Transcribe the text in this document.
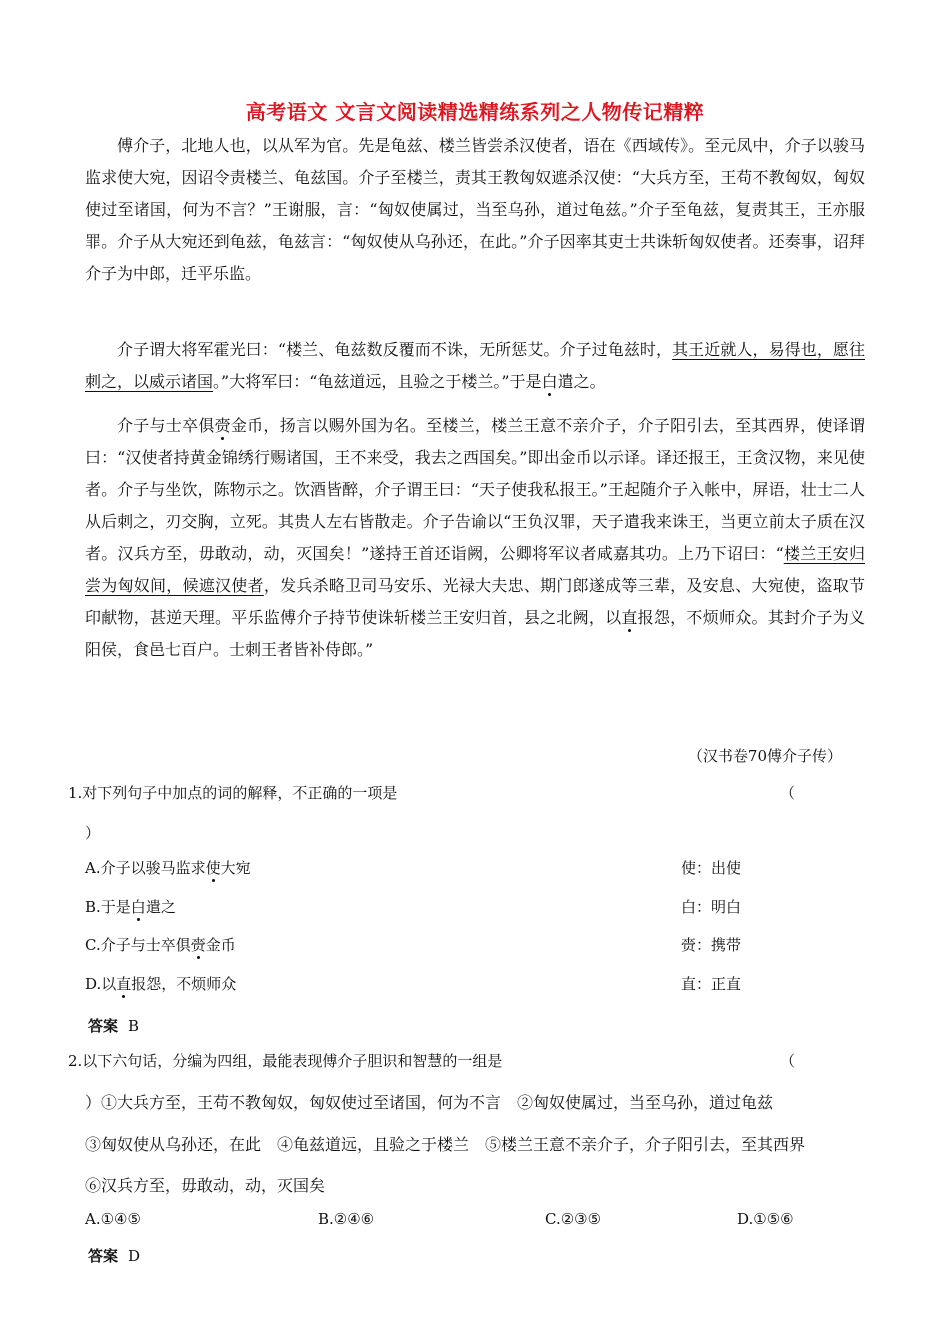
高考语文 文言文阅读精选精练系列之人物传记精粹

傅介子，北地人也，以从军为官。先是龟兹、楼兰皆尝杀汉使者，语在《西域传》。至元凤中，介子以骏马监求使大宛，因诏令责楼兰、龟兹国。介子至楼兰，责其王教匈奴遮杀汉使：“大兵方至，王苟不教匈奴，匈奴使过至诸国，何为不言？”王谢服，言：“匈奴使属过，当至乌孙，道过龟兹。”介子至龟兹，复责其王，王亦服罪。介子从大宛还到龟兹，龟兹言：“匈奴使从乌孙还，在此。”介子因率其吏士共诛斩匈奴使者。还奏事，诏拜介子为中郎，迁平乐监。

介子谓大将军霍光曰：“楼兰、龟兹数反覆而不诛，无所惩艾。介子过龟兹时，其王近就人，易得也，愿往刺之，以威示诸国。”大将军曰：“龟兹道远，且验之于楼兰。”于是白遣之。

介子与士卒俱赍金币，扬言以赐外国为名。至楼兰，楼兰王意不亲介子，介子阳引去，至其西界，使译谓曰：“汉使者持黄金锦绣行赐诸国，王不来受，我去之西国矣。”即出金币以示译。译还报王，王贪汉物，来见使者。介子与坐饮，陈物示之。饮酒皆醉，介子谓王曰：“天子使我私报王。”王起随介子入帐中，屏语，壮士二人从后刺之，刃交胸，立死。其贵人左右皆散走。介子告谕以“王负汉罪，天子遣我来诛王，当更立前太子质在汉者。汉兵方至，毋敢动，动，灭国矣！”遂持王首还诣阙，公卿将军议者咸嘉其功。上乃下诏曰：“楼兰王安归尝为匈奴间，候遮汉使者，发兵杀略卫司马安乐、光禄大夫忠、期门郎遂成等三辈，及安息、大宛使，盗取节印献物，甚逆天理。平乐监傅介子持节使诛斩楼兰王安归首，县之北阙，以直报怨，不烦师众。其封介子为义阳侯，食邑七百户。士刺王者皆补侍郎。”

（汉书卷70傅介子传）
1.对下列句子中加点的词的解释，不正确的一项是	（
）
A.介子以骏马监求使大宛	使：出使
B.于是白遣之	白：明白
C.介子与士卒俱赍金币	赍：携带
D.以直报怨，不烦师众	直：正直
答案 B
2.以下六句话，分编为四组，最能表现傅介子胆识和智慧的一组是	（
）①大兵方至，王苟不教匈奴，匈奴使过至诸国，何为不言　②匈奴使属过，当至乌孙，道过龟兹
③匈奴使从乌孙还，在此　④龟兹道远，且验之于楼兰　⑤楼兰王意不亲介子，介子阳引去，至其西界
⑥汉兵方至，毋敢动，动，灭国矣
A.①④⑤	B.②④⑥	C.②③⑤	D.①⑤⑥
答案 D
